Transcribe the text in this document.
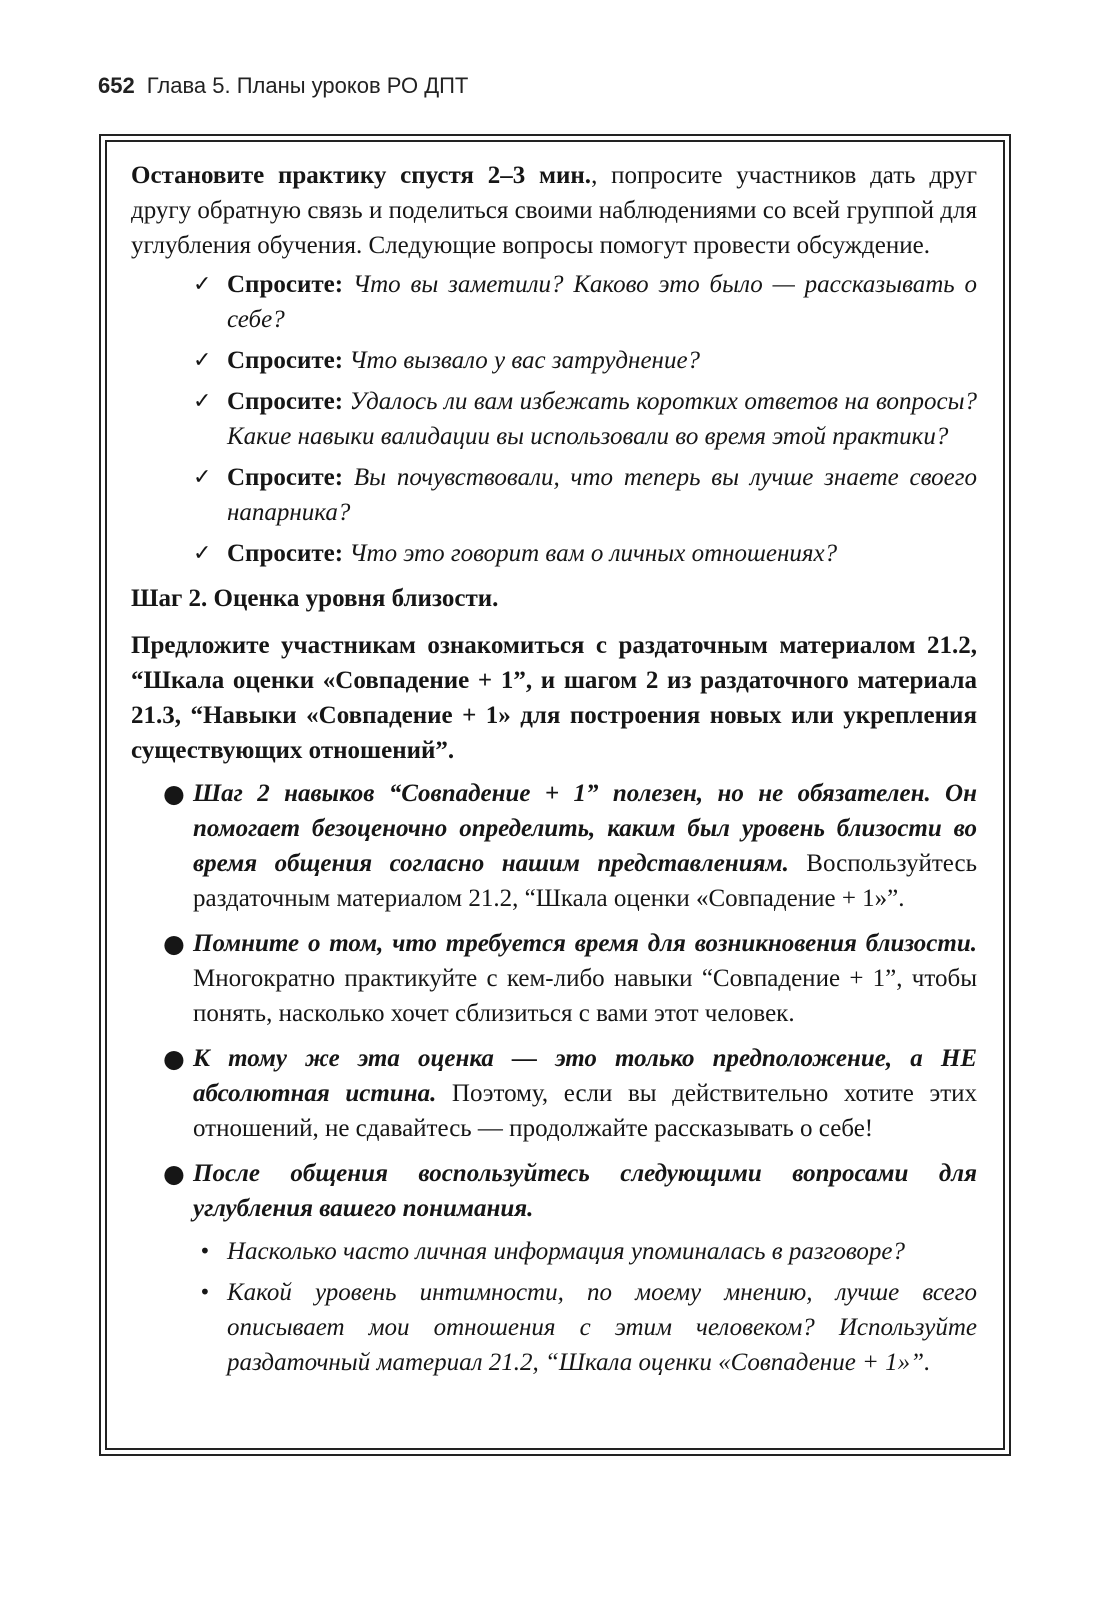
652 Глава 5. Планы уроков РО ДПТ

Остановите практику спустя 2–3 мин., попросите участников дать друг другу обратную связь и поделиться своими наблюдениями со всей группой для углубления обучения. Следующие вопросы помогут провести обсуждение.

✓ Спросите: Что вы заметили? Каково это было — рассказывать о себе?
✓ Спросите: Что вызвало у вас затруднение?
✓ Спросите: Удалось ли вам избежать коротких ответов на вопросы? Какие навыки валидации вы использовали во время этой практики?
✓ Спросите: Вы почувствовали, что теперь вы лучше знаете своего напарника?
✓ Спросите: Что это говорит вам о личных отношениях?

Шаг 2. Оценка уровня близости.

Предложите участникам ознакомиться с раздаточным материалом 21.2, “Шкала оценки «Совпадение + 1”, и шагом 2 из раздаточного материала 21.3, “Навыки «Совпадение + 1» для построения новых или укрепления существующих отношений”.

● Шаг 2 навыков “Совпадение + 1” полезен, но не обязателен. Он помогает безоценочно определить, каким был уровень близости во время общения согласно нашим представлениям. Воспользуйтесь раздаточным материалом 21.2, “Шкала оценки «Совпадение + 1»”.
● Помните о том, что требуется время для возникновения близости. Многократно практикуйте с кем-либо навыки “Совпадение + 1”, чтобы понять, насколько хочет сблизиться с вами этот человек.
● К тому же эта оценка — это только предположение, а НЕ абсолютная истина. Поэтому, если вы действительно хотите этих отношений, не сдавайтесь — продолжайте рассказывать о себе!
● После общения воспользуйтесь следующими вопросами для углубления вашего понимания.
• Насколько часто личная информация упоминалась в разговоре?
• Какой уровень интимности, по моему мнению, лучше всего описывает мои отношения с этим человеком? Используйте раздаточный материал 21.2, “Шкала оценки «Совпадение + 1»”.
